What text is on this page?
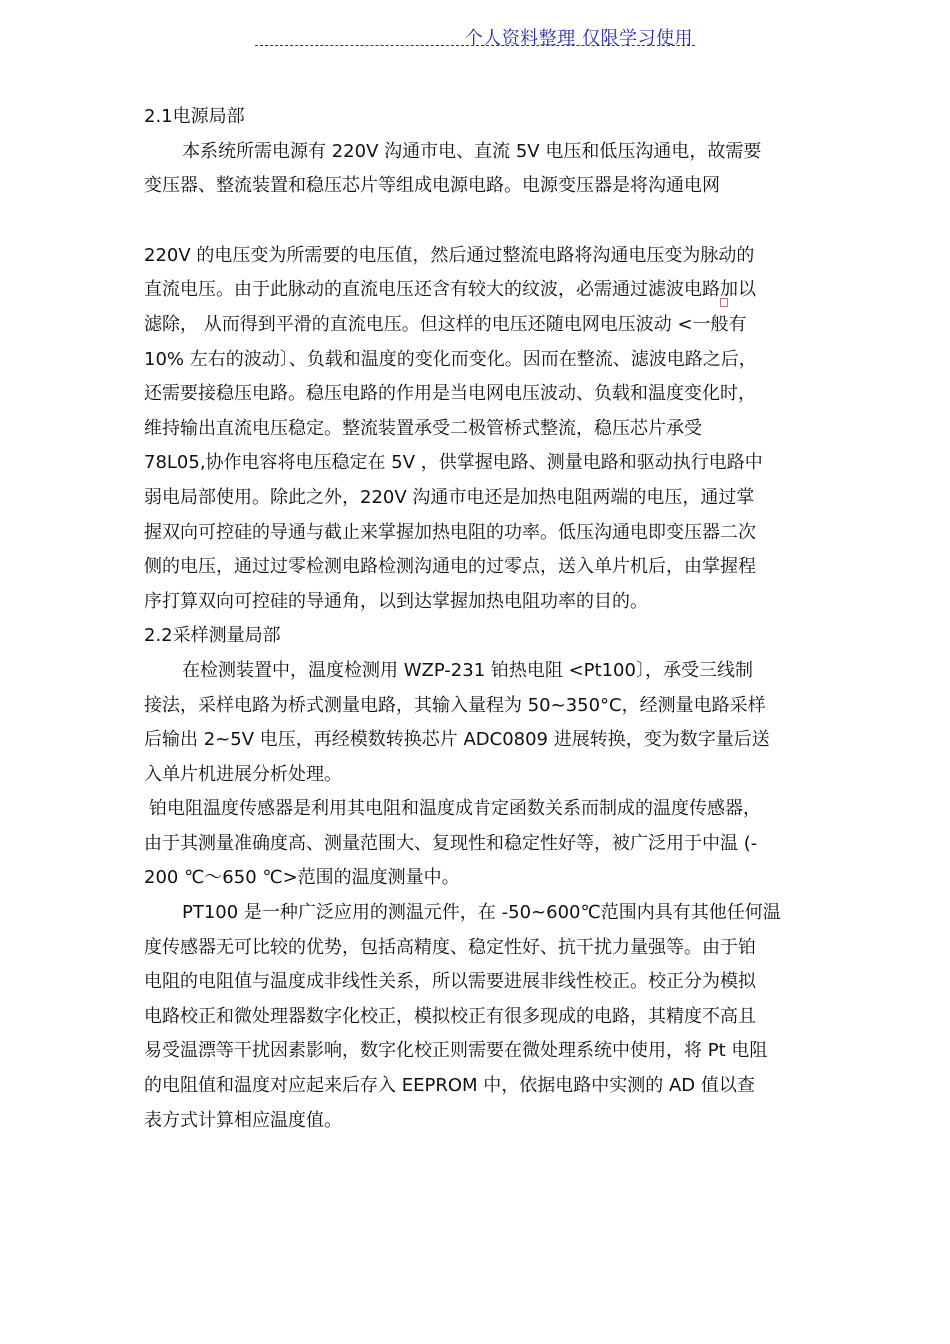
个人资料整理 仅限学习使用

2.1电源局部

本系统所需电源有 220V 沟通市电、直流 5V 电压和低压沟通电，故需要

变压器、整流装置和稳压芯片等组成电源电路。电源变压器是将沟通电网

220V 的电压变为所需要的电压值，然后通过整流电路将沟通电压变为脉动的

直流电压。由于此脉动的直流电压还含有较大的纹波，必需通过滤波电路加以

滤除， 从而得到平滑的直流电压。但这样的电压还随电网电压波动 <一般有

10% 左右的波动〕、负载和温度的变化而变化。因而在整流、滤波电路之后，

还需要接稳压电路。稳压电路的作用是当电网电压波动、负载和温度变化时，

维持输出直流电压稳定。整流装置承受二极管桥式整流，稳压芯片承受

78L05,协作电容将电压稳定在 5V ，供掌握电路、测量电路和驱动执行电路中

弱电局部使用。除此之外，220V 沟通市电还是加热电阻两端的电压，通过掌

握双向可控硅的导通与截止来掌握加热电阻的功率。低压沟通电即变压器二次

侧的电压，通过过零检测电路检测沟通电的过零点，送入单片机后，由掌握程

序打算双向可控硅的导通角，以到达掌握加热电阻功率的目的。

2.2采样测量局部

在检测装置中，温度检测用 WZP-231 铂热电阻 <Pt100〕，承受三线制

接法，采样电路为桥式测量电路，其输入量程为 50~350°C，经测量电路采样

后输出 2~5V 电压，再经模数转换芯片 ADC0809 进展转换，变为数字量后送

入单片机进展分析处理。

铂电阻温度传感器是利用其电阻和温度成肯定函数关系而制成的温度传感器，

由于其测量准确度高、测量范围大、复现性和稳定性好等，被广泛用于中温 (-

200 ℃～650 ℃>范围的温度测量中。

PT100 是一种广泛应用的测温元件，在 -50~600℃范围内具有其他任何温

度传感器无可比较的优势，包括高精度、稳定性好、抗干扰力量强等。由于铂

电阻的电阻值与温度成非线性关系，所以需要进展非线性校正。校正分为模拟

电路校正和微处理器数字化校正，模拟校正有很多现成的电路，其精度不高且

易受温漂等干扰因素影响，数字化校正则需要在微处理系统中使用，将 Pt 电阻

的电阻值和温度对应起来后存入 EEPROM 中，依据电路中实测的 AD 值以查

表方式计算相应温度值。
